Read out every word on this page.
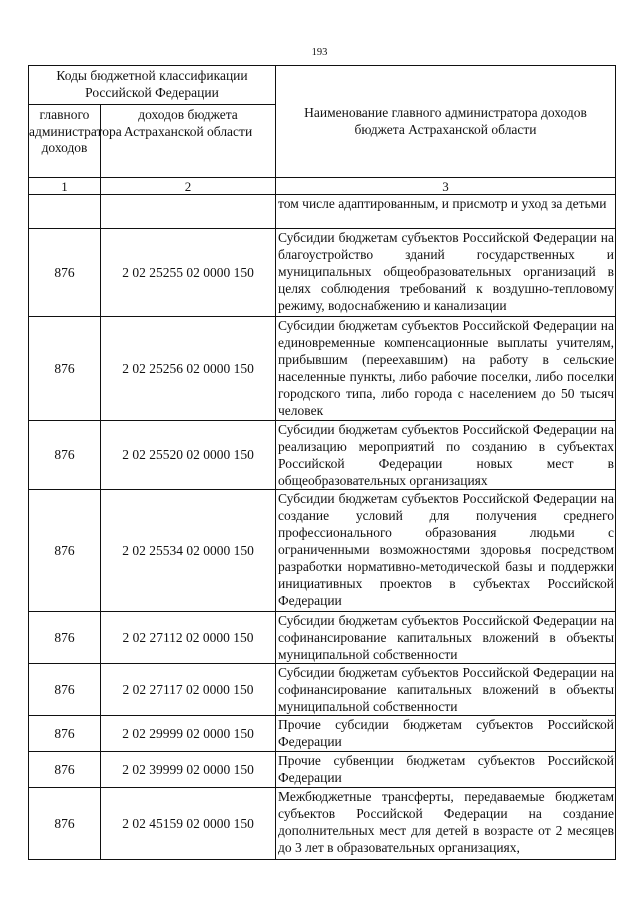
193
Коды бюджетной классификации Российской Федерации		Наименование главного администратора доходов бюджета Астраханской области
главного администратора доходов	доходов бюджета Астраханской области	
1	2	3
		том числе адаптированным, и присмотр и уход за детьми
876	2 02 25255 02 0000 150	Субсидии бюджетам субъектов Российской Федерации на благоустройство зданий государственных и муниципальных общеобразовательных организаций в целях соблюдения требований к воздушно-тепловому режиму, водоснабжению и канализации
876	2 02 25256 02 0000 150	Субсидии бюджетам субъектов Российской Федерации на единовременные компенсационные выплаты учителям, прибывшим (переехавшим) на работу в сельские населенные пункты, либо рабочие поселки, либо поселки городского типа, либо города с населением до 50 тысяч человек
876	2 02 25520 02 0000 150	Субсидии бюджетам субъектов Российской Федерации на реализацию мероприятий по созданию в субъектах Российской Федерации новых мест в общеобразовательных организациях
876	2 02 25534 02 0000 150	Субсидии бюджетам субъектов Российской Федерации на создание условий для получения среднего профессионального образования людьми с ограниченными возможностями здоровья посредством разработки нормативно-методической базы и поддержки инициативных проектов в субъектах Российской Федерации
876	2 02 27112 02 0000 150	Субсидии бюджетам субъектов Российской Федерации на софинансирование капитальных вложений в объекты муниципальной собственности
876	2 02 27117 02 0000 150	Субсидии бюджетам субъектов Российской Федерации на софинансирование капитальных вложений в объекты муниципальной собственности
876	2 02 29999 02 0000 150	Прочие субсидии бюджетам субъектов Российской Федерации
876	2 02 39999 02 0000 150	Прочие субвенции бюджетам субъектов Российской Федерации
876	2 02 45159 02 0000 150	Межбюджетные трансферты, передаваемые бюджетам субъектов Российской Федерации на создание дополнительных мест для детей в возрасте от 2 месяцев до 3 лет в образовательных организациях,
